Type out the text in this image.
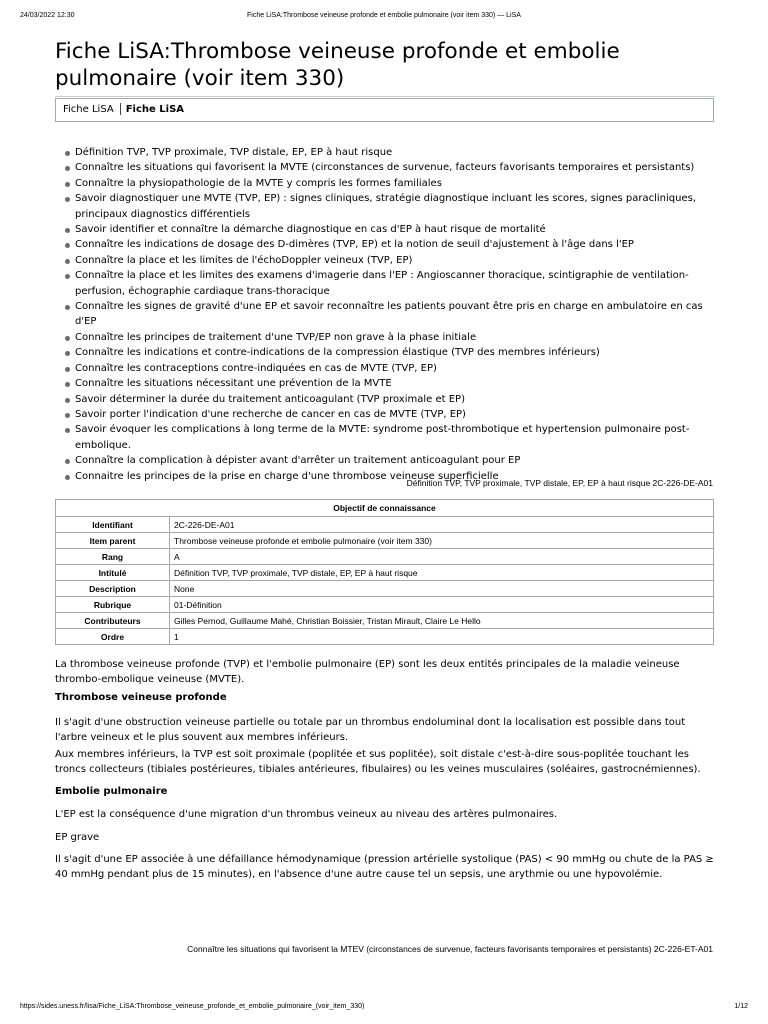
24/03/2022 12:30	Fiche LiSA:Thrombose veineuse profonde et embolie pulmonaire (voir item 330) — LiSA
Fiche LiSA:Thrombose veineuse profonde et embolie
pulmonaire (voir item 330)
Fiche LiSA Fiche LiSA
Définition TVP, TVP proximale, TVP distale, EP, EP à haut risque
Connaître les situations qui favorisent la MVTE (circonstances de survenue, facteurs favorisants temporaires et persistants)
Connaître la physiopathologie de la MVTE y compris les formes familiales
Savoir diagnostiquer une MVTE (TVP, EP) : signes cliniques, stratégie diagnostique incluant les scores, signes paracliniques, principaux diagnostics différentiels
Savoir identifier et connaître la démarche diagnostique en cas d'EP à haut risque de mortalité
Connaître les indications de dosage des D-dimères (TVP, EP) et la notion de seuil d'ajustement à l'âge dans l'EP
Connaître la place et les limites de l'échoDoppler veineux (TVP, EP)
Connaître la place et les limites des examens d'imagerie dans l'EP : Angioscanner thoracique, scintigraphie de ventilation-perfusion, échographie cardiaque trans-thoracique
Connaître les signes de gravité d'une EP et savoir reconnaître les patients pouvant être pris en charge en ambulatoire en cas d'EP
Connaître les principes de traitement d'une TVP/EP non grave à la phase initiale
Connaître les indications et contre-indications de la compression élastique (TVP des membres inférieurs)
Connaître les contraceptions contre-indiquées en cas de MVTE (TVP, EP)
Connaître les situations nécessitant une prévention de la MVTE
Savoir déterminer la durée du traitement anticoagulant (TVP proximale et EP)
Savoir porter l'indication d'une recherche de cancer en cas de MVTE (TVP, EP)
Savoir évoquer les complications à long terme de la MVTE: syndrome post-thrombotique et hypertension pulmonaire post-embolique.
Connaître la complication à dépister avant d'arrêter un traitement anticoagulant pour EP
Connaitre les principes de la prise en charge d'une thrombose veineuse superficielle
Définition TVP, TVP proximale, TVP distale, EP, EP à haut risque 2C-226-DE-A01
Objectif de connaissance	
Identifiant	2C-226-DE-A01
Item parent	Thrombose veineuse profonde et embolie pulmonaire (voir item 330)
Rang	A
Intitulé	Définition TVP, TVP proximale, TVP distale, EP, EP à haut risque
Description	None
Rubrique	01-Définition
Contributeurs	Gilles Pernod, Guillaume Mahé, Christian Boissier, Tristan Mirault, Claire Le Hello
Ordre	1

La thrombose veineuse profonde (TVP) et l'embolie pulmonaire (EP) sont les deux entités principales de la maladie veineuse thrombo-embolique veineuse (MVTE).

Thrombose veineuse profonde

Il s'agit d'une obstruction veineuse partielle ou totale par un thrombus endoluminal dont la localisation est possible dans tout l'arbre veineux et le plus souvent aux membres inférieurs.

Aux membres inférieurs, la TVP est soit proximale (poplitée et sus poplitée), soit distale c'est-à-dire sous-poplitée touchant les troncs collecteurs (tibiales postérieures, tibiales antérieures, fibulaires) ou les veines musculaires (soléaires, gastrocnémiennes).

Embolie pulmonaire

L'EP est la conséquence d'une migration d'un thrombus veineux au niveau des artères pulmonaires.

EP grave

Il s'agit d'une EP associée à une défaillance hémodynamique (pression artérielle systolique (PAS) < 90 mmHg ou chute de la PAS ≥ 40 mmHg pendant plus de 15 minutes), en l'absence d'une autre cause tel un sepsis, une arythmie ou une hypovolémie.

Connaître les situations qui favorisent la MTEV (circonstances de survenue, facteurs favorisants temporaires et persistants) 2C-226-ET-A01
https://sides.uness.fr/lisa/Fiche_LiSA:Thrombose_veineuse_profonde_et_embolie_pulmonaire_(voir_item_330)	1/12
